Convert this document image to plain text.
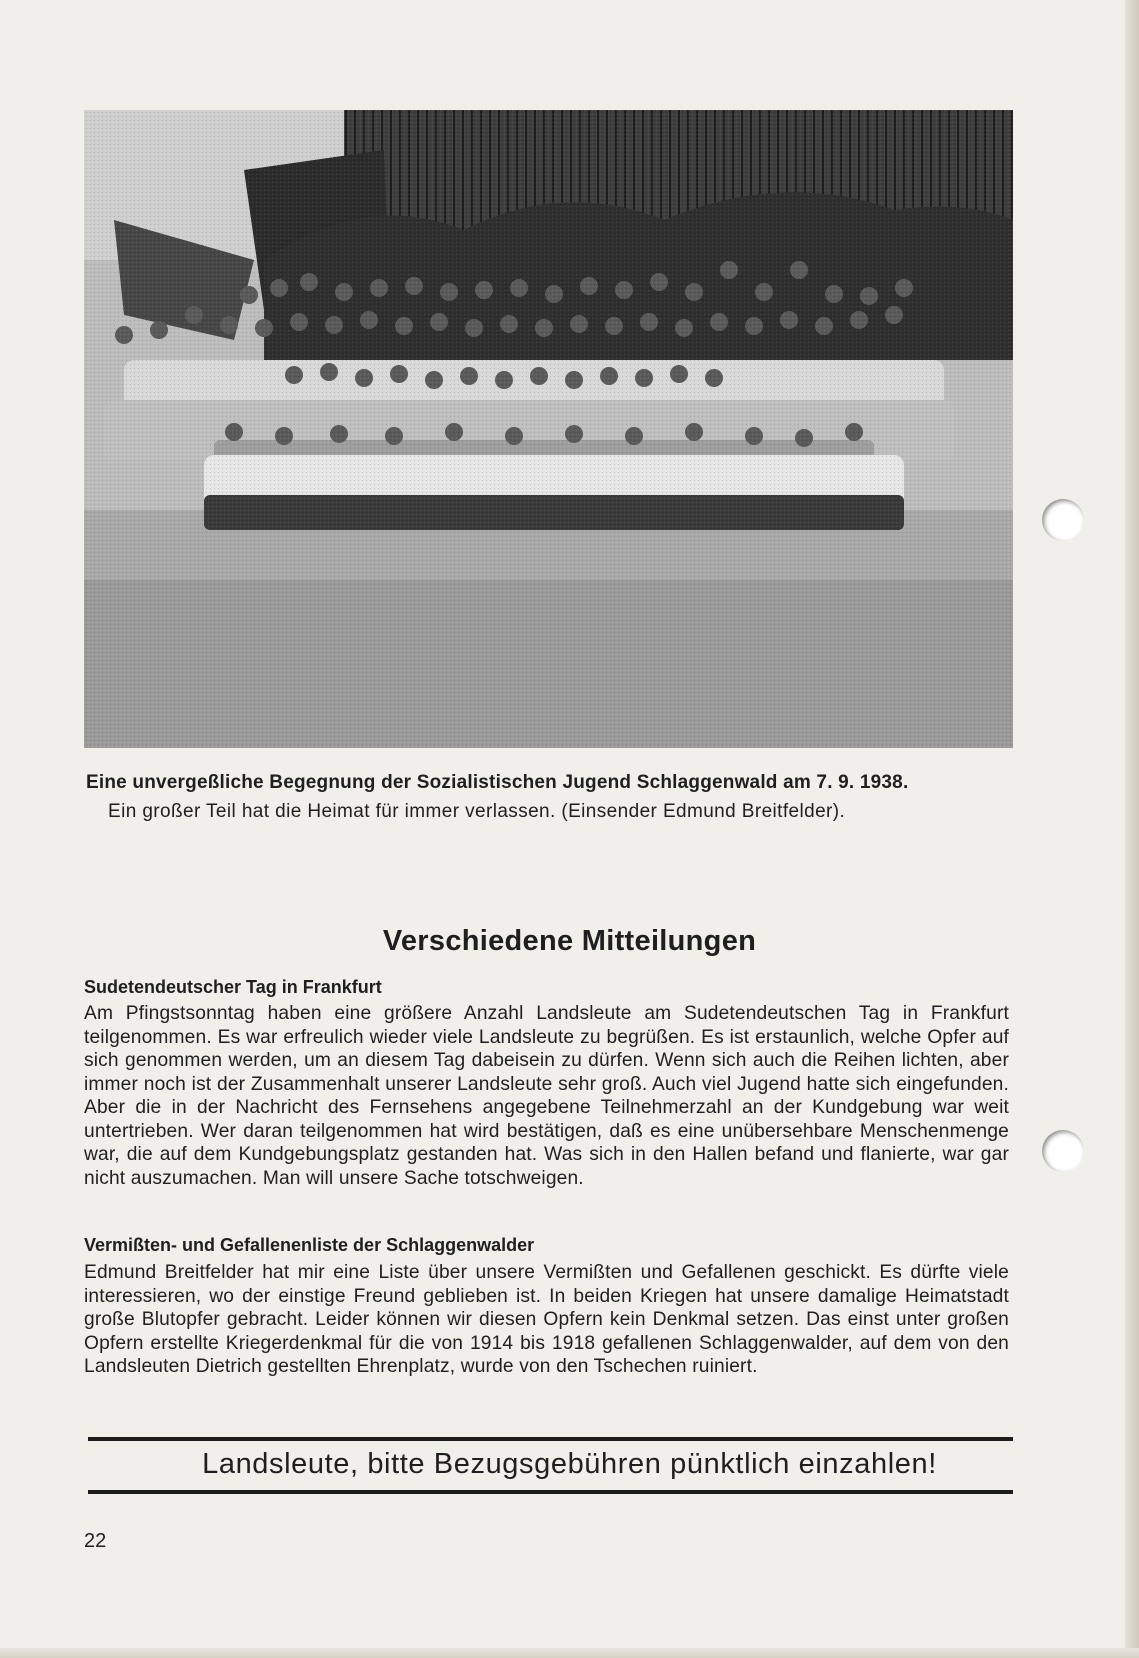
Eine unvergeßliche Begegnung der Sozialistischen Jugend Schlaggenwald am 7. 9. 1938.
Ein großer Teil hat die Heimat für immer verlassen. (Einsender Edmund Breitfelder).
Verschiedene Mitteilungen
Sudetendeutscher Tag in Frankfurt
Am Pfingstsonntag haben eine größere Anzahl Landsleute am Sudetendeutschen Tag in Frankfurt teilgenommen. Es war erfreulich wieder viele Landsleute zu begrüßen. Es ist erstaunlich, welche Opfer auf sich genommen werden, um an diesem Tag dabeisein zu dürfen. Wenn sich auch die Reihen lichten, aber immer noch ist der Zusammenhalt unserer Landsleute sehr groß. Auch viel Jugend hatte sich eingefunden. Aber die in der Nachricht des Fernsehens angegebene Teilnehmerzahl an der Kundgebung war weit untertrieben. Wer daran teilgenommen hat wird bestätigen, daß es eine unübersehbare Menschenmenge war, die auf dem Kundgebungsplatz gestanden hat. Was sich in den Hallen befand und flanierte, war gar nicht auszumachen. Man will unsere Sache totschweigen.
Vermißten- und Gefallenenliste der Schlaggenwalder
Edmund Breitfelder hat mir eine Liste über unsere Vermißten und Gefallenen geschickt. Es dürfte viele interessieren, wo der einstige Freund geblieben ist. In beiden Kriegen hat unsere damalige Heimatstadt große Blutopfer gebracht. Leider können wir diesen Opfern kein Denkmal setzen. Das einst unter großen Opfern erstellte Kriegerdenkmal für die von 1914 bis 1918 gefallenen Schlaggenwalder, auf dem von den Landsleuten Dietrich gestellten Ehrenplatz, wurde von den Tschechen ruiniert.
Landsleute, bitte Bezugsgebühren pünktlich einzahlen!
22
